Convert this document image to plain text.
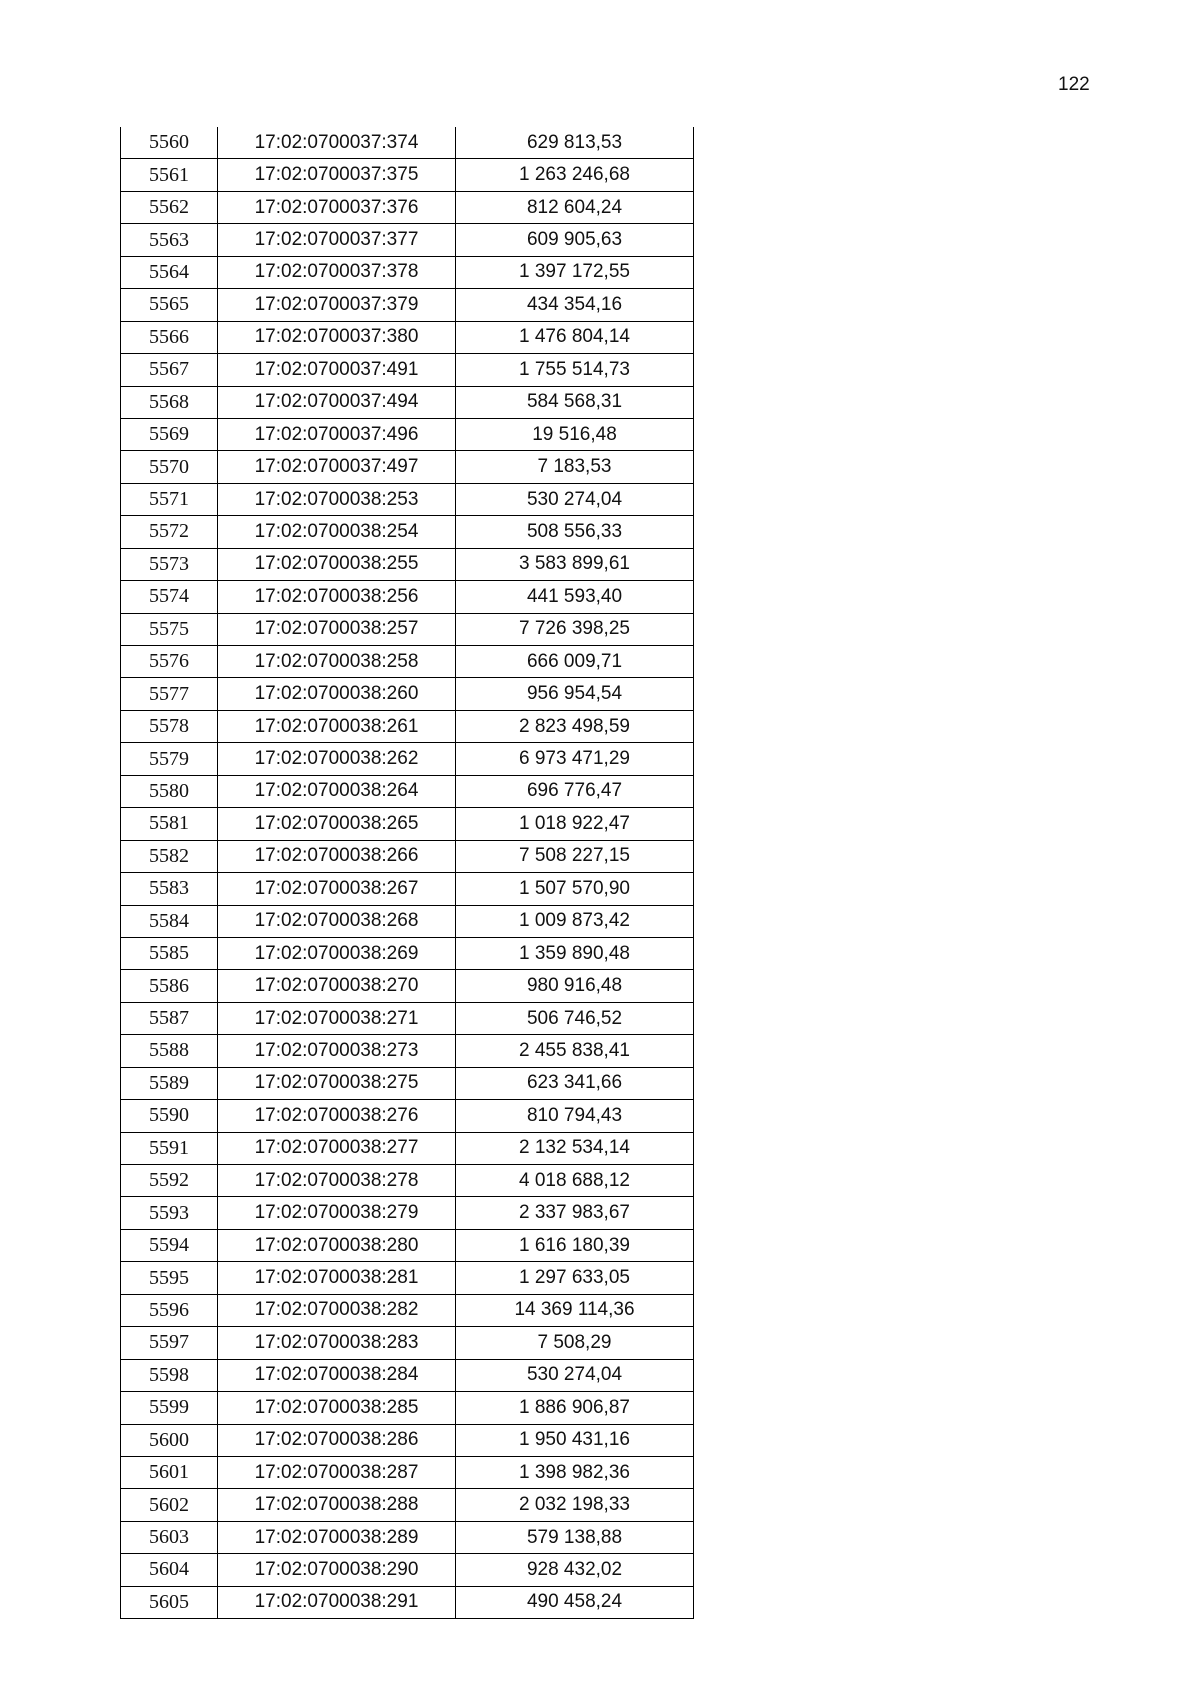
122
5560	17:02:0700037:374	629 813,53
5561	17:02:0700037:375	1 263 246,68
5562	17:02:0700037:376	812 604,24
5563	17:02:0700037:377	609 905,63
5564	17:02:0700037:378	1 397 172,55
5565	17:02:0700037:379	434 354,16
5566	17:02:0700037:380	1 476 804,14
5567	17:02:0700037:491	1 755 514,73
5568	17:02:0700037:494	584 568,31
5569	17:02:0700037:496	19 516,48
5570	17:02:0700037:497	7 183,53
5571	17:02:0700038:253	530 274,04
5572	17:02:0700038:254	508 556,33
5573	17:02:0700038:255	3 583 899,61
5574	17:02:0700038:256	441 593,40
5575	17:02:0700038:257	7 726 398,25
5576	17:02:0700038:258	666 009,71
5577	17:02:0700038:260	956 954,54
5578	17:02:0700038:261	2 823 498,59
5579	17:02:0700038:262	6 973 471,29
5580	17:02:0700038:264	696 776,47
5581	17:02:0700038:265	1 018 922,47
5582	17:02:0700038:266	7 508 227,15
5583	17:02:0700038:267	1 507 570,90
5584	17:02:0700038:268	1 009 873,42
5585	17:02:0700038:269	1 359 890,48
5586	17:02:0700038:270	980 916,48
5587	17:02:0700038:271	506 746,52
5588	17:02:0700038:273	2 455 838,41
5589	17:02:0700038:275	623 341,66
5590	17:02:0700038:276	810 794,43
5591	17:02:0700038:277	2 132 534,14
5592	17:02:0700038:278	4 018 688,12
5593	17:02:0700038:279	2 337 983,67
5594	17:02:0700038:280	1 616 180,39
5595	17:02:0700038:281	1 297 633,05
5596	17:02:0700038:282	14 369 114,36
5597	17:02:0700038:283	7 508,29
5598	17:02:0700038:284	530 274,04
5599	17:02:0700038:285	1 886 906,87
5600	17:02:0700038:286	1 950 431,16
5601	17:02:0700038:287	1 398 982,36
5602	17:02:0700038:288	2 032 198,33
5603	17:02:0700038:289	579 138,88
5604	17:02:0700038:290	928 432,02
5605	17:02:0700038:291	490 458,24
